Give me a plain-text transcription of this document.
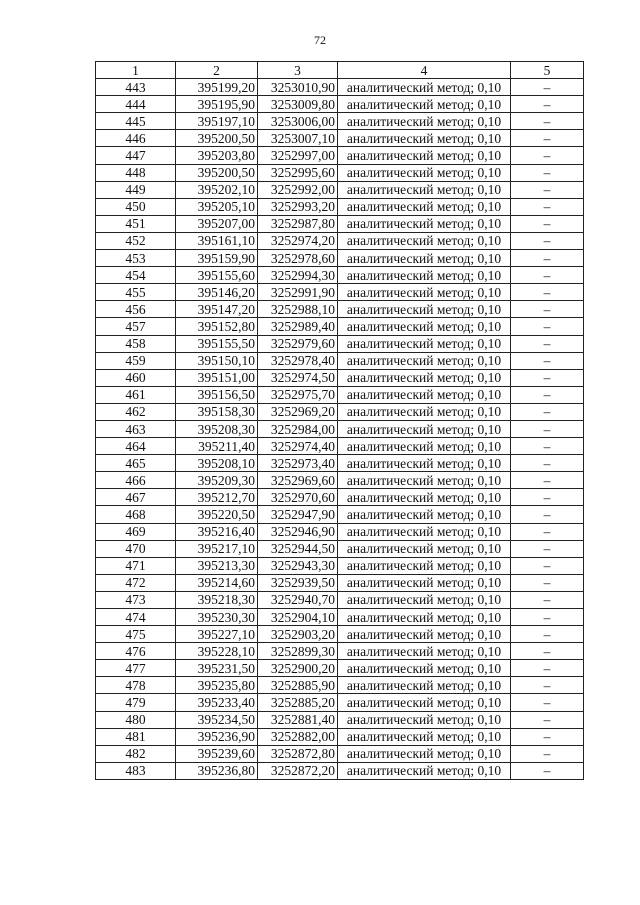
72
1	2	3	4	5
443	395199,20	3253010,90	аналитический метод; 0,10	–
444	395195,90	3253009,80	аналитический метод; 0,10	–
445	395197,10	3253006,00	аналитический метод; 0,10	–
446	395200,50	3253007,10	аналитический метод; 0,10	–
447	395203,80	3252997,00	аналитический метод; 0,10	–
448	395200,50	3252995,60	аналитический метод; 0,10	–
449	395202,10	3252992,00	аналитический метод; 0,10	–
450	395205,10	3252993,20	аналитический метод; 0,10	–
451	395207,00	3252987,80	аналитический метод; 0,10	–
452	395161,10	3252974,20	аналитический метод; 0,10	–
453	395159,90	3252978,60	аналитический метод; 0,10	–
454	395155,60	3252994,30	аналитический метод; 0,10	–
455	395146,20	3252991,90	аналитический метод; 0,10	–
456	395147,20	3252988,10	аналитический метод; 0,10	–
457	395152,80	3252989,40	аналитический метод; 0,10	–
458	395155,50	3252979,60	аналитический метод; 0,10	–
459	395150,10	3252978,40	аналитический метод; 0,10	–
460	395151,00	3252974,50	аналитический метод; 0,10	–
461	395156,50	3252975,70	аналитический метод; 0,10	–
462	395158,30	3252969,20	аналитический метод; 0,10	–
463	395208,30	3252984,00	аналитический метод; 0,10	–
464	395211,40	3252974,40	аналитический метод; 0,10	–
465	395208,10	3252973,40	аналитический метод; 0,10	–
466	395209,30	3252969,60	аналитический метод; 0,10	–
467	395212,70	3252970,60	аналитический метод; 0,10	–
468	395220,50	3252947,90	аналитический метод; 0,10	–
469	395216,40	3252946,90	аналитический метод; 0,10	–
470	395217,10	3252944,50	аналитический метод; 0,10	–
471	395213,30	3252943,30	аналитический метод; 0,10	–
472	395214,60	3252939,50	аналитический метод; 0,10	–
473	395218,30	3252940,70	аналитический метод; 0,10	–
474	395230,30	3252904,10	аналитический метод; 0,10	–
475	395227,10	3252903,20	аналитический метод; 0,10	–
476	395228,10	3252899,30	аналитический метод; 0,10	–
477	395231,50	3252900,20	аналитический метод; 0,10	–
478	395235,80	3252885,90	аналитический метод; 0,10	–
479	395233,40	3252885,20	аналитический метод; 0,10	–
480	395234,50	3252881,40	аналитический метод; 0,10	–
481	395236,90	3252882,00	аналитический метод; 0,10	–
482	395239,60	3252872,80	аналитический метод; 0,10	–
483	395236,80	3252872,20	аналитический метод; 0,10	–
